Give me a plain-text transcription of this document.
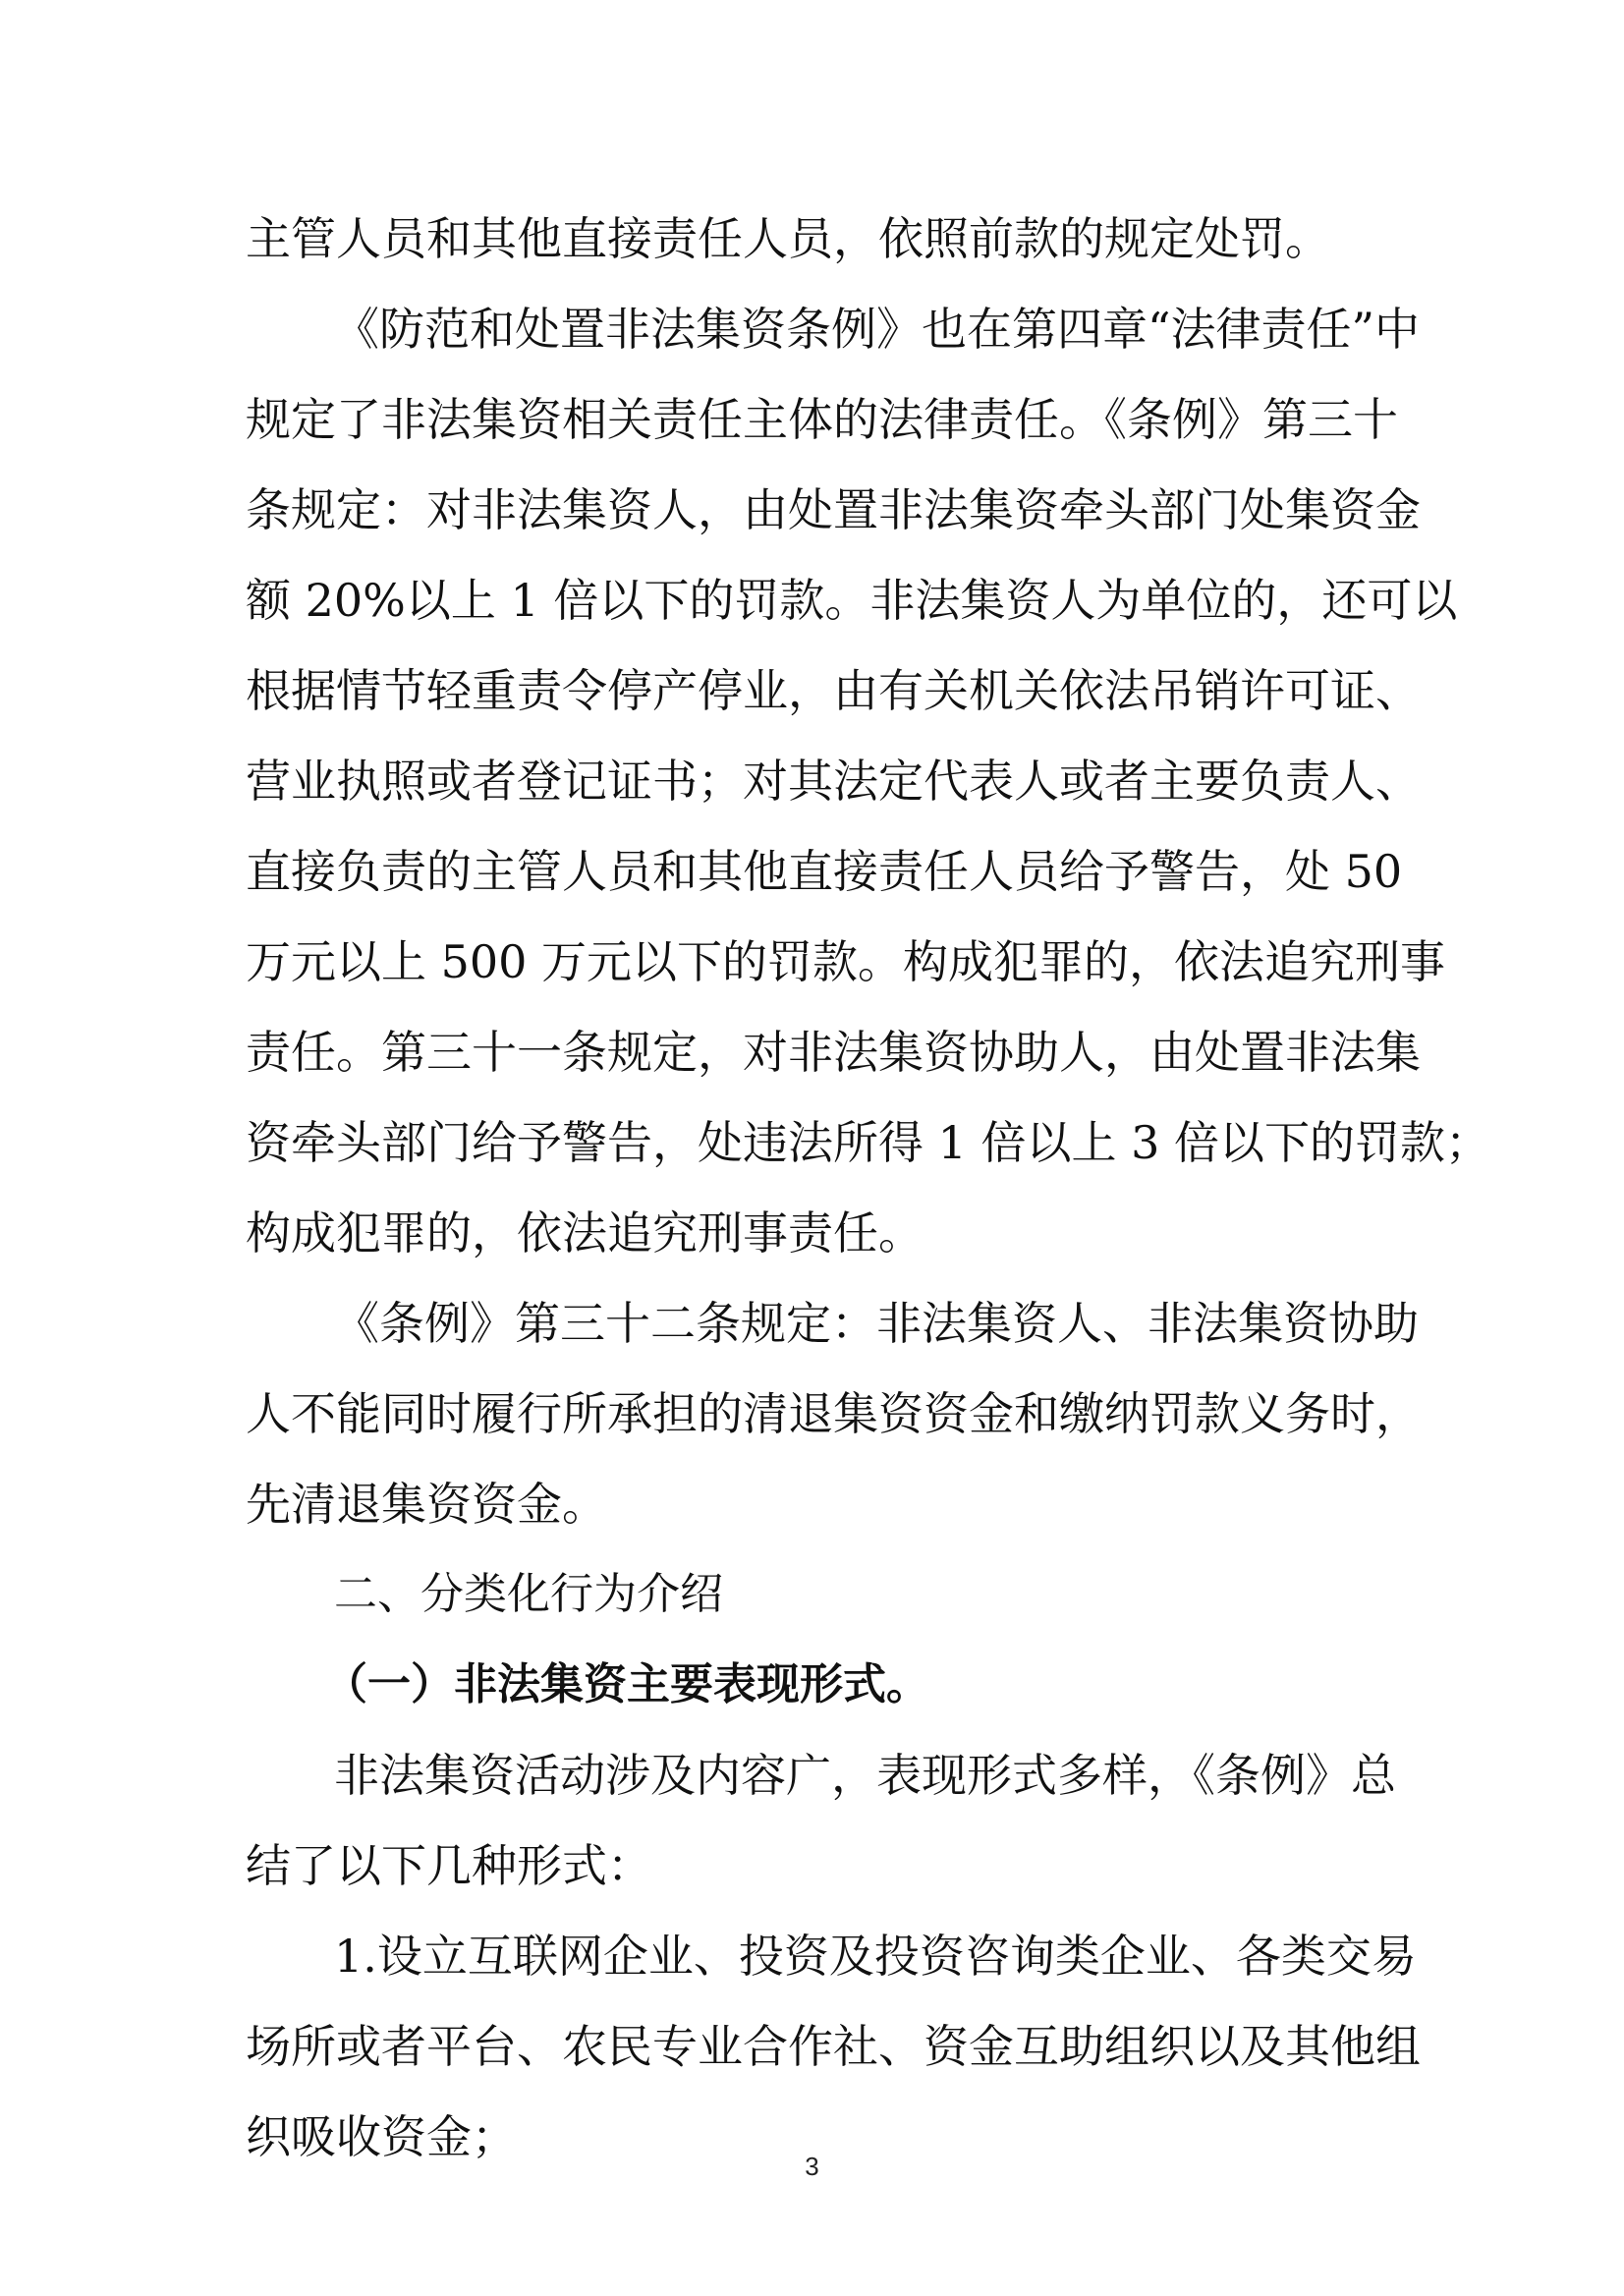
主管人员和其他直接责任人员，依照前款的规定处罚。
《防范和处置非法集资条例》也在第四章“法律责任”中
规定了非法集资相关责任主体的法律责任。《条例》第三十
条规定：对非法集资人，由处置非法集资牵头部门处集资金
额 20%以上 1 倍以下的罚款。非法集资人为单位的，还可以
根据情节轻重责令停产停业，由有关机关依法吊销许可证、
营业执照或者登记证书；对其法定代表人或者主要负责人、
直接负责的主管人员和其他直接责任人员给予警告，处 50
万元以上 500 万元以下的罚款。构成犯罪的，依法追究刑事
责任。第三十一条规定，对非法集资协助人，由处置非法集
资牵头部门给予警告，处违法所得 1 倍以上 3 倍以下的罚款；
构成犯罪的，依法追究刑事责任。
《条例》第三十二条规定：非法集资人、非法集资协助
人不能同时履行所承担的清退集资资金和缴纳罚款义务时，
先清退集资资金。
二、分类化行为介绍
（一）非法集资主要表现形式。
非法集资活动涉及内容广，表现形式多样，《条例》总
结了以下几种形式：
1.设立互联网企业、投资及投资咨询类企业、各类交易
场所或者平台、农民专业合作社、资金互助组织以及其他组
织吸收资金；
3
